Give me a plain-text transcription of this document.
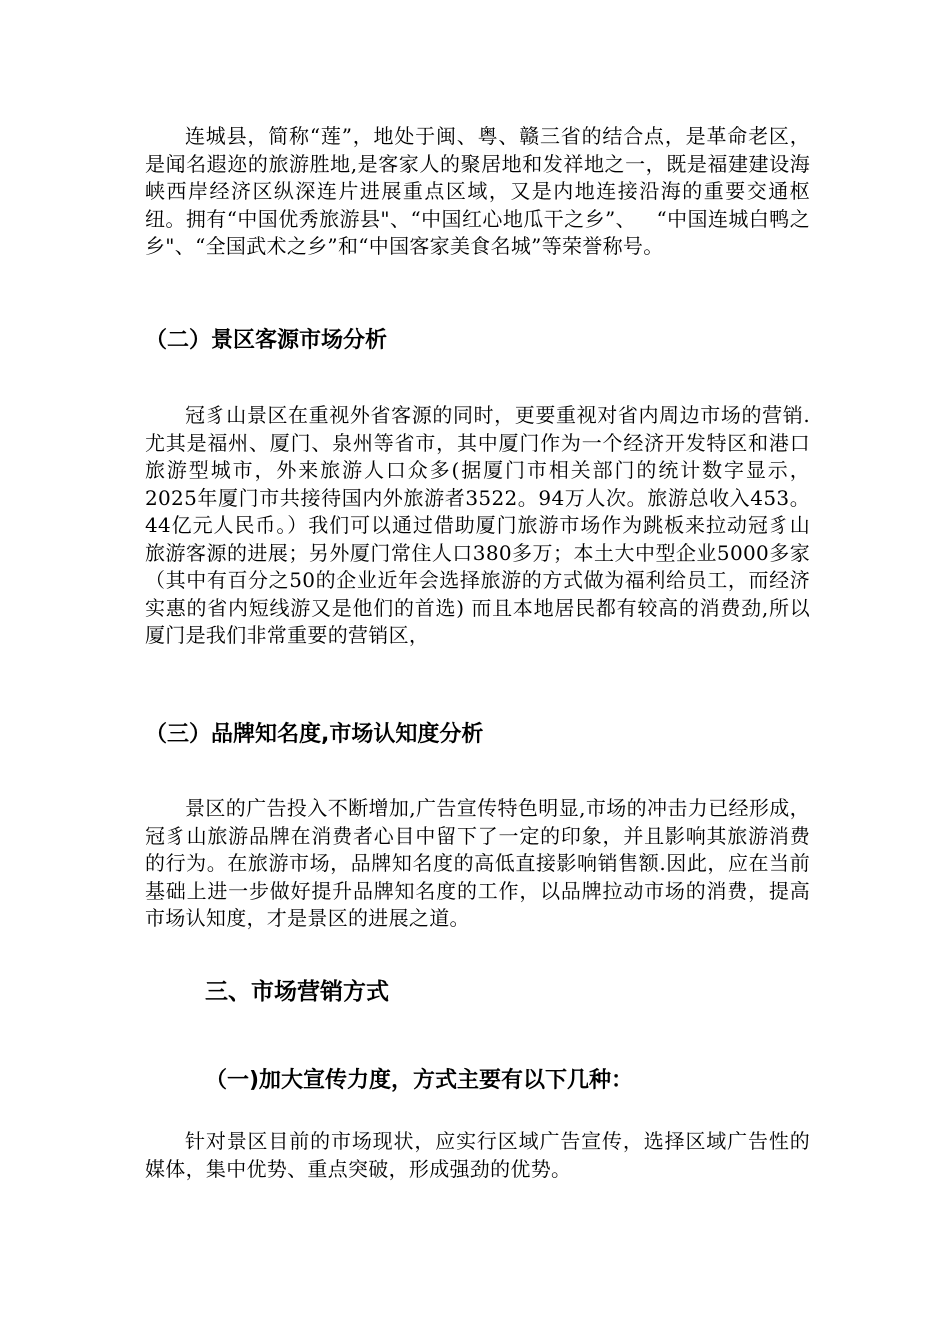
连城县，简称“莲”，地处于闽、粤、赣三省的结合点，是革命老区，是闻名遐迩的旅游胜地,是客家人的聚居地和发祥地之一，既是福建建设海峡西岸经济区纵深连片进展重点区域，又是内地连接沿海的重要交通枢纽。拥有“中国优秀旅游县"、“中国红心地瓜干之乡”、   “中国连城白鸭之乡"、“全国武术之乡”和“中国客家美食名城”等荣誉称号。

（二）景区客源市场分析

冠豸山景区在重视外省客源的同时，更要重视对省内周边市场的营销.尤其是福州、厦门、泉州等省市，其中厦门作为一个经济开发特区和港口旅游型城市，外来旅游人口众多(据厦门市相关部门的统计数字显示，2025年厦门市共接待国内外旅游者3522。94万人次。旅游总收入453。44亿元人民币。）我们可以通过借助厦门旅游市场作为跳板来拉动冠豸山旅游客源的进展；另外厦门常住人口380多万；本土大中型企业5000多家（其中有百分之50的企业近年会选择旅游的方式做为福利给员工，而经济实惠的省内短线游又是他们的首选) 而且本地居民都有较高的消费劲,所以厦门是我们非常重要的营销区，

（三）品牌知名度,市场认知度分析

景区的广告投入不断增加,广告宣传特色明显,市场的冲击力已经形成，冠豸山旅游品牌在消费者心目中留下了一定的印象，并且影响其旅游消费的行为。在旅游市场，品牌知名度的高低直接影响销售额.因此，应在当前基础上进一步做好提升品牌知名度的工作，以品牌拉动市场的消费，提高市场认知度，才是景区的进展之道。

三、市场营销方式
（一)加大宣传力度，方式主要有以下几种：

针对景区目前的市场现状，应实行区域广告宣传，选择区域广告性的媒体，集中优势、重点突破，形成强劲的优势。
